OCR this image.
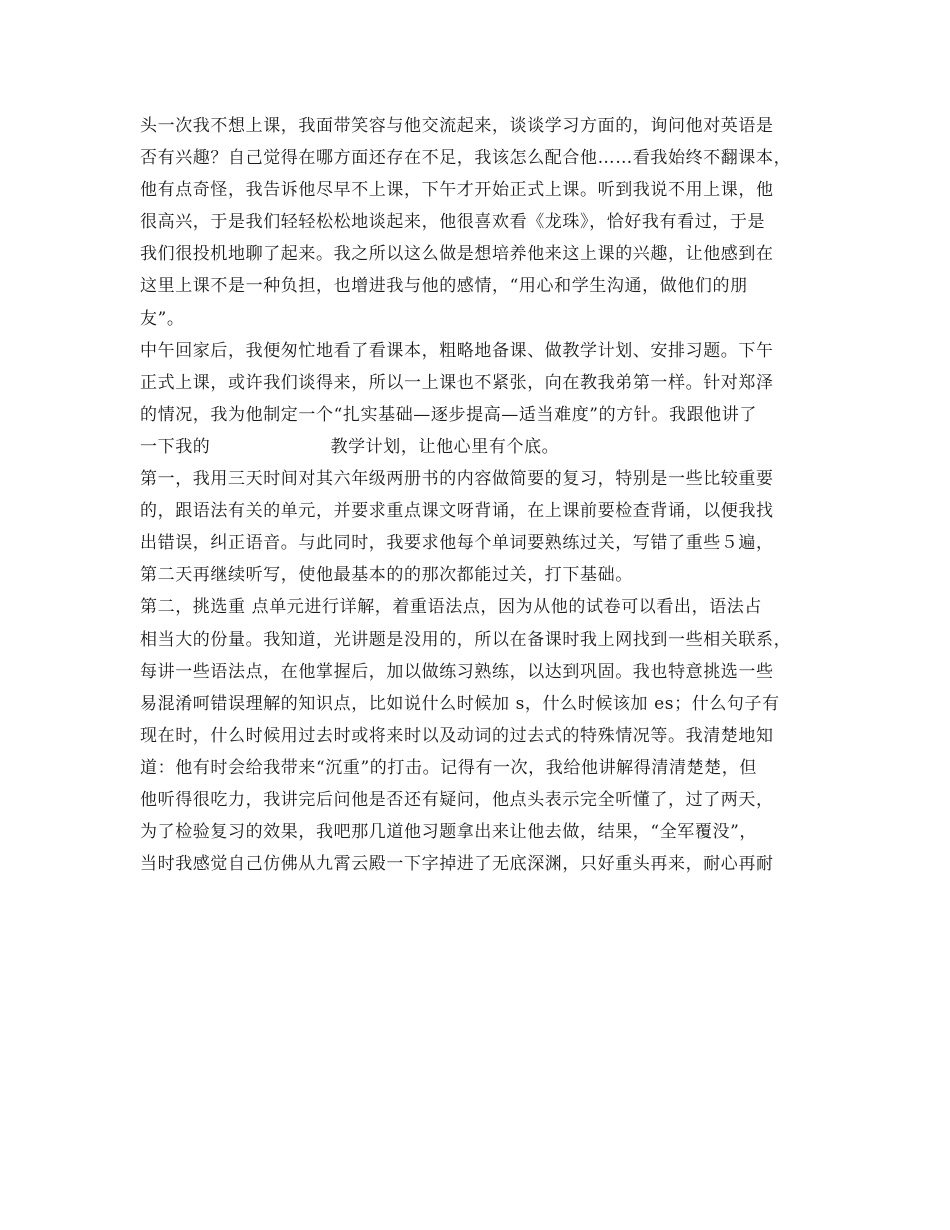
头一次我不想上课，我面带笑容与他交流起来，谈谈学习方面的，询问他对英语是
否有兴趣？自己觉得在哪方面还存在不足，我该怎么配合他……看我始终不翻课本，
他有点奇怪，我告诉他尽早不上课，下午才开始正式上课。听到我说不用上课，他
很高兴，于是我们轻轻松松地谈起来，他很喜欢看《龙珠》，恰好我有看过，于是
我们很投机地聊了起来。我之所以这么做是想培养他来这上课的兴趣，让他感到在
这里上课不是一种负担，也增进我与他的感情，“用心和学生沟通，做他们的朋
友”。
中午回家后，我便匆忙地看了看课本，粗略地备课、做教学计划、安排习题。下午
正式上课，或许我们谈得来，所以一上课也不紧张，向在教我弟第一样。针对郑泽
的情况，我为他制定一个“扎实基础—逐步提高—适当难度”的方针。我跟他讲了
一下我的                    教学计划，让他心里有个底。
第一，我用三天时间对其六年级两册书的内容做简要的复习，特别是一些比较重要
的，跟语法有关的单元，并要求重点课文呀背诵，在上课前要检查背诵，以便我找
出错误，纠正语音。与此同时，我要求他每个单词要熟练过关，写错了重些５遍，
第二天再继续听写，使他最基本的的那次都能过关，打下基础。
第二，挑选重 点单元进行详解，着重语法点，因为从他的试卷可以看出，语法占
相当大的份量。我知道，光讲题是没用的，所以在备课时我上网找到一些相关联系，
每讲一些语法点，在他掌握后，加以做练习熟练，以达到巩固。我也特意挑选一些
易混淆呵错误理解的知识点，比如说什么时候加 s，什么时候该加 es；什么句子有
现在时，什么时候用过去时或将来时以及动词的过去式的特殊情况等。我清楚地知
道：他有时会给我带来“沉重”的打击。记得有一次，我给他讲解得清清楚楚，但
他听得很吃力，我讲完后问他是否还有疑问，他点头表示完全听懂了，过了两天，
为了检验复习的效果，我吧那几道他习题拿出来让他去做，结果，“全军覆没”，
当时我感觉自己仿佛从九霄云殿一下字掉进了无底深渊，只好重头再来，耐心再耐
